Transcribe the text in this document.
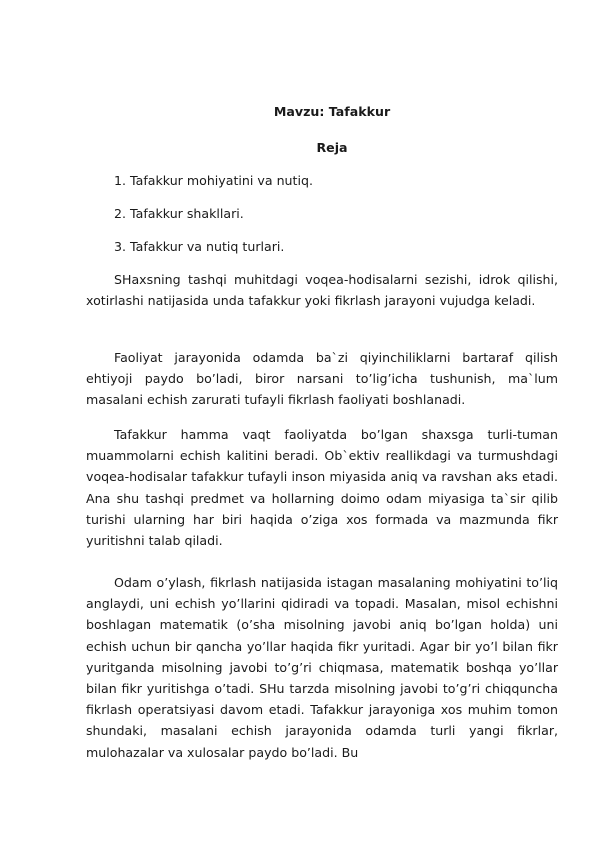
Mavzu: Tafakkur

Reja

1. Tafakkur mohiyatini va nutiq.

2. Tafakkur shakllari.

3. Tafakkur va nutiq turlari.

SHaxsning tashqi muhitdagi voqea-hodisalarni sezishi, idrok qilishi, xotirlashi natijasida unda tafakkur yoki fikrlash jarayoni vujudga keladi.

Faoliyat jarayonida odamda ba`zi qiyinchiliklarni bartaraf qilish ehtiyoji paydo bo’ladi, biror narsani to’lig’icha tushunish, ma`lum masalani echish zarurati tufayli fikrlash faoliyati boshlanadi.

Tafakkur hamma vaqt faoliyatda bo’lgan shaxsga turli-tuman muammolarni echish kalitini beradi. Ob`ektiv reallikdagi va turmushdagi voqea-hodisalar tafakkur tufayli inson miyasida aniq va ravshan aks etadi. Ana shu tashqi predmet va hollarning doimo odam miyasiga ta`sir qilib turishi ularning har biri haqida o’ziga xos formada va mazmunda fikr yuritishni talab qiladi.

Odam o’ylash, fikrlash natijasida istagan masalaning mohiyatini to’liq anglaydi, uni echish yo’llarini qidiradi va topadi. Masalan, misol echishni boshlagan matematik (o’sha misolning javobi aniq bo’lgan holda) uni echish uchun bir qancha yo’llar haqida fikr yuritadi. Agar bir yo’l bilan fikr yuritganda misolning javobi to’g’ri chiqmasa, matematik boshqa yo’llar bilan fikr yuritishga o’tadi. SHu tarzda misolning javobi to’g’ri chiqquncha fikrlash operatsiyasi davom etadi. Tafakkur jarayoniga xos muhim tomon shundaki, masalani echish jarayonida odamda turli yangi fikrlar, mulohazalar va xulosalar paydo bo’ladi. Bu
